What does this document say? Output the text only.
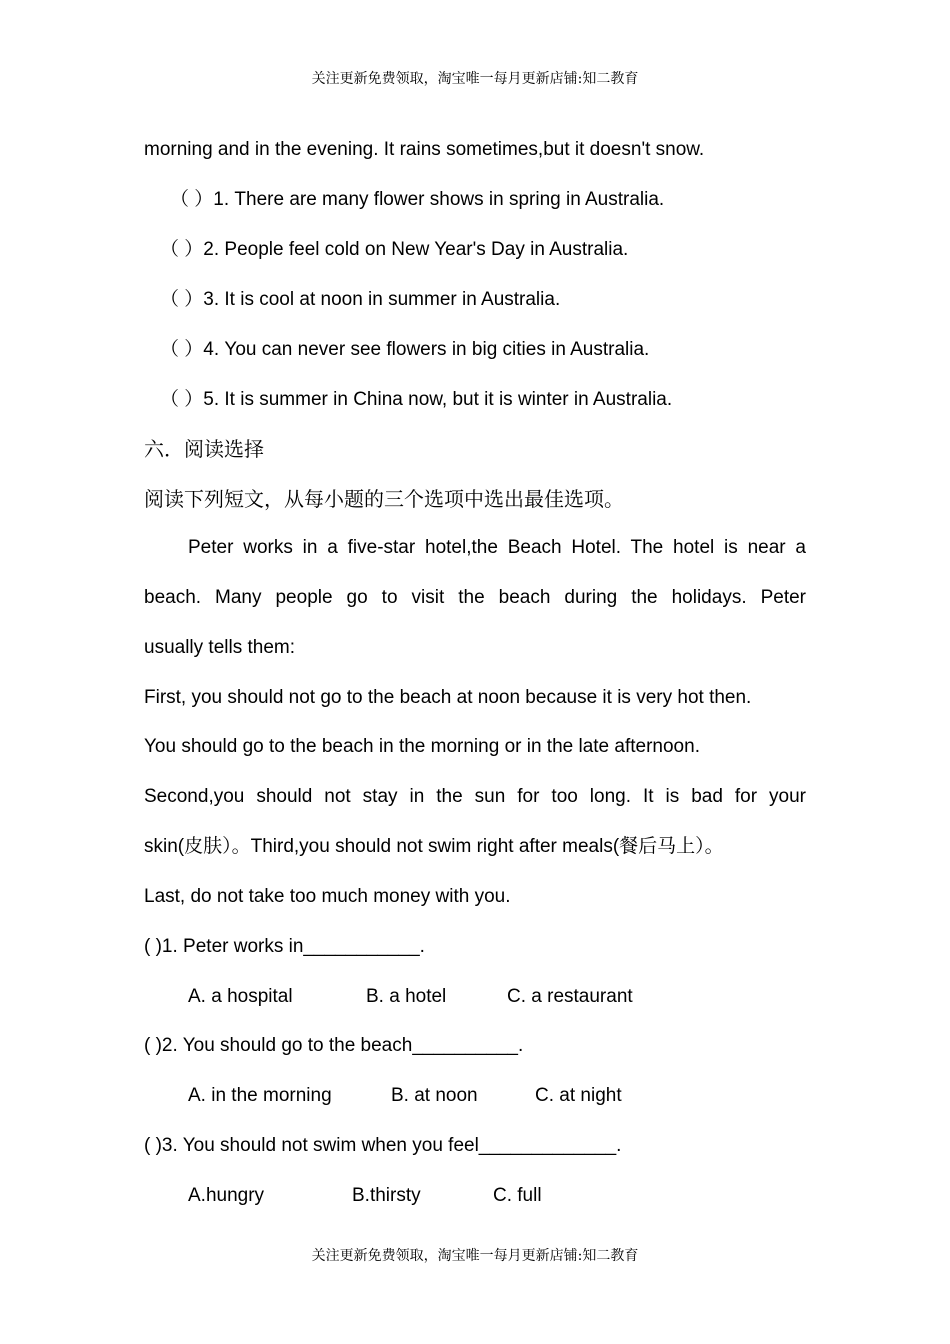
关注更新免费领取，淘宝唯一每月更新店铺:知二教育
morning and in the evening. It rains sometimes,but it doesn't snow.
（ ）1. There are many flower shows in spring in Australia.
（ ）2. People feel cold on New Year's Day in Australia.
（ ）3. It is cool at noon in summer in Australia.
（ ）4. You can never see flowers in big cities in Australia.
（ ）5. It is summer in China now, but it is winter in Australia.
六．阅读选择
阅读下列短文，从每小题的三个选项中选出最佳选项。
Peter works in a five-star hotel,the Beach Hotel. The hotel is near a
beach. Many people go to visit the beach during the holidays. Peter
usually tells them:
First, you should not go to the beach at noon because it is very hot then.
You should go to the beach in the morning or in the late afternoon.
Second,you should not stay in the sun for too long. It is bad for your
skin(皮肤）。Third,you should not swim right after meals(餐后马上）。
Last, do not take too much money with you.
( )1. Peter works in___________.
A. a hospital	B. a hotel	C. a restaurant
( )2. You should go to the beach__________.
A. in the morning	B. at noon	C. at night
( )3. You should not swim when you feel_____________.
A.hungry	B.thirsty	C. full
关注更新免费领取，淘宝唯一每月更新店铺:知二教育
